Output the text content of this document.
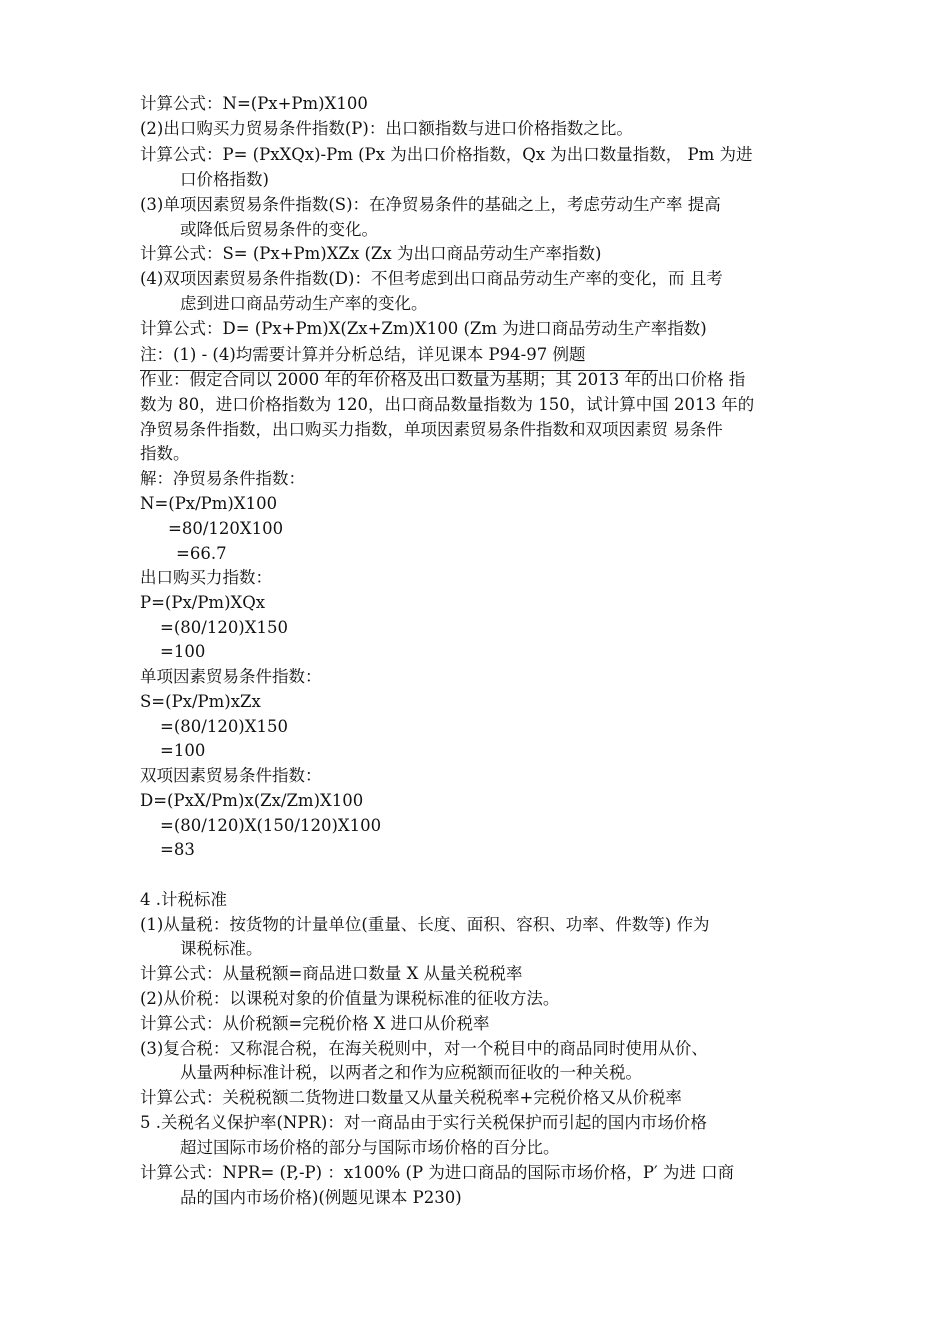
计算公式：N=(Px+Pm)X100
(2)出口购买力贸易条件指数(P)：出口额指数与进口价格指数之比。
计算公式：P= (PxXQx)-Pm (Px 为出口价格指数，Qx 为出口数量指数， Pm 为进
口价格指数)
(3)单项因素贸易条件指数(S)：在净贸易条件的基础之上，考虑劳动生产率 提高
或降低后贸易条件的变化。
计算公式：S= (Px+Pm)XZx (Zx 为出口商品劳动生产率指数)
(4)双项因素贸易条件指数(D)：不但考虑到出口商品劳动生产率的变化，而 且考
虑到进口商品劳动生产率的变化。
计算公式：D= (Px+Pm)X(Zx+Zm)X100 (Zm 为进口商品劳动生产率指数)
注：(1) - (4)均需要计算并分析总结，详见课本 P94-97 例题
作业：假定合同以 2000 年的年价格及出口数量为基期；其 2013 年的出口价格 指
数为 80，进口价格指数为 120，出口商品数量指数为 150，试计算中国 2013 年的
净贸易条件指数，出口购买力指数，单项因素贸易条件指数和双项因素贸 易条件
指数。
解：净贸易条件指数：
N=(Px/Pm)X100
=80/120X100
=66.7
出口购买力指数：
P=(Px/Pm)XQx
=(80/120)X150
=100
单项因素贸易条件指数：
S=(Px/Pm)xZx
=(80/120)X150
=100
双项因素贸易条件指数：
D=(PxX/Pm)x(Zx/Zm)X100
=(80/120)X(150/120)X100
=83
4 .计税标准
(1)从量税：按货物的计量单位(重量、长度、面积、容积、功率、件数等) 作为
课税标准。
计算公式：从量税额=商品进口数量 X 从量关税税率
(2)从价税：以课税对象的价值量为课税标准的征收方法。
计算公式：从价税额=完税价格 X 进口从价税率
(3)复合税：又称混合税，在海关税则中，对一个税目中的商品同时使用从价、
从量两种标准计税，以两者之和作为应税额而征收的一种关税。
计算公式：关税税额二货物进口数量又从量关税税率+完税价格又从价税率
5 .关税名义保护率(NPR)：对一商品由于实行关税保护而引起的国内市场价格
超过国际市场价格的部分与国际市场价格的百分比。
计算公式：NPR= (P,-P) ：x100% (P 为进口商品的国际市场价格，P′ 为进 口商
品的国内市场价格)(例题见课本 P230)
